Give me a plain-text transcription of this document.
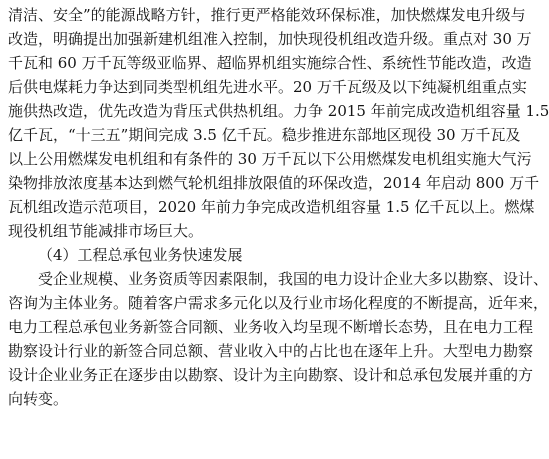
清洁、安全”的能源战略方针，推行更严格能效环保标准，加快燃煤发电升级与
改造，明确提出加强新建机组准入控制，加快现役机组改造升级。重点对 30 万
千瓦和 60 万千瓦等级亚临界、超临界机组实施综合性、系统性节能改造，改造
后供电煤耗力争达到同类型机组先进水平。20 万千瓦级及以下纯凝机组重点实
施供热改造，优先改造为背压式供热机组。力争 2015 年前完成改造机组容量 1.5
亿千瓦，“十三五”期间完成 3.5 亿千瓦。稳步推进东部地区现役 30 万千瓦及
以上公用燃煤发电机组和有条件的 30 万千瓦以下公用燃煤发电机组实施大气污
染物排放浓度基本达到燃气轮机组排放限值的环保改造，2014 年启动 800 万千
瓦机组改造示范项目，2020 年前力争完成改造机组容量 1.5 亿千瓦以上。燃煤
现役机组节能减排市场巨大。
（4）工程总承包业务快速发展
受企业规模、业务资质等因素限制，我国的电力设计企业大多以勘察、设计、
咨询为主体业务。随着客户需求多元化以及行业市场化程度的不断提高，近年来，
电力工程总承包业务新签合同额、业务收入均呈现不断增长态势，且在电力工程
勘察设计行业的新签合同总额、营业收入中的占比也在逐年上升。大型电力勘察
设计企业业务正在逐步由以勘察、设计为主向勘察、设计和总承包发展并重的方
向转变。
